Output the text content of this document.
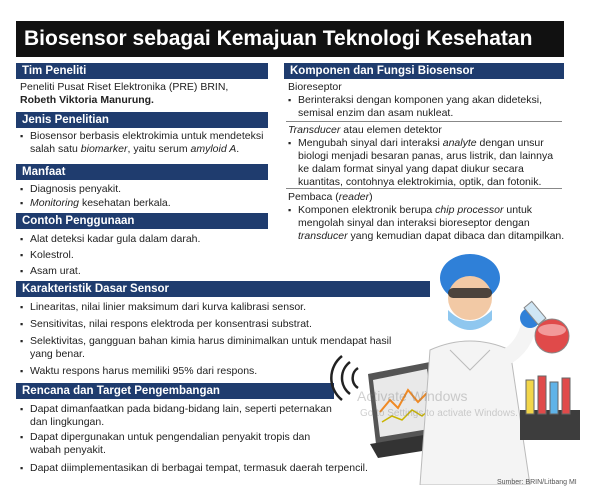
Biosensor sebagai Kemajuan Teknologi Kesehatan
Tim Peneliti
Peneliti Pusat Riset Elektronika (PRE) BRIN,
Robeth Viktoria Manurung.
Jenis Penelitian
▪ Biosensor berbasis elektrokimia untuk mendeteksi salah satu biomarker, yaitu serum amyloid A.
Manfaat
▪ Diagnosis penyakit.
▪ Monitoring kesehatan berkala.
Contoh Penggunaan
▪ Alat deteksi kadar gula dalam darah.
▪ Kolestrol.
▪ Asam urat.
Komponen dan Fungsi Biosensor
Bioreseptor
▪ Berinteraksi dengan komponen yang akan dideteksi, semisal enzim dan asam nukleat.
Transducer atau elemen detektor
▪ Mengubah sinyal dari interaksi analyte dengan unsur biologi menjadi besaran panas, arus listrik, dan lainnya ke dalam format sinyal yang dapat diukur secara kuantitas, contohnya elektrokimia, optik, dan fotonik.
Pembaca (reader)
▪ Komponen elektronik berupa chip processor untuk mengolah sinyal dan interaksi bioreseptor dengan transducer yang kemudian dapat dibaca dan ditampilkan.
Karakteristik Dasar Sensor
▪ Linearitas, nilai linier maksimum dari kurva kalibrasi sensor.
▪ Sensitivitas, nilai respons elektroda per konsentrasi substrat.
▪ Selektivitas, gangguan bahan kimia harus diminimalkan untuk mendapat hasil yang benar.
▪ Waktu respons harus memiliki 95% dari respons.
Rencana dan Target Pengembangan
▪ Dapat dimanfaatkan pada bidang-bidang lain, seperti peternakan dan lingkungan.
▪ Dapat dipergunakan untuk pengendalian penyakit tropis dan wabah penyakit.
▪ Dapat diimplementasikan di berbagai tempat, termasuk daerah terpencil.
Activate Windows
Go to Settings to activate Windows.
Sumber: BRIN/Litbang MI
